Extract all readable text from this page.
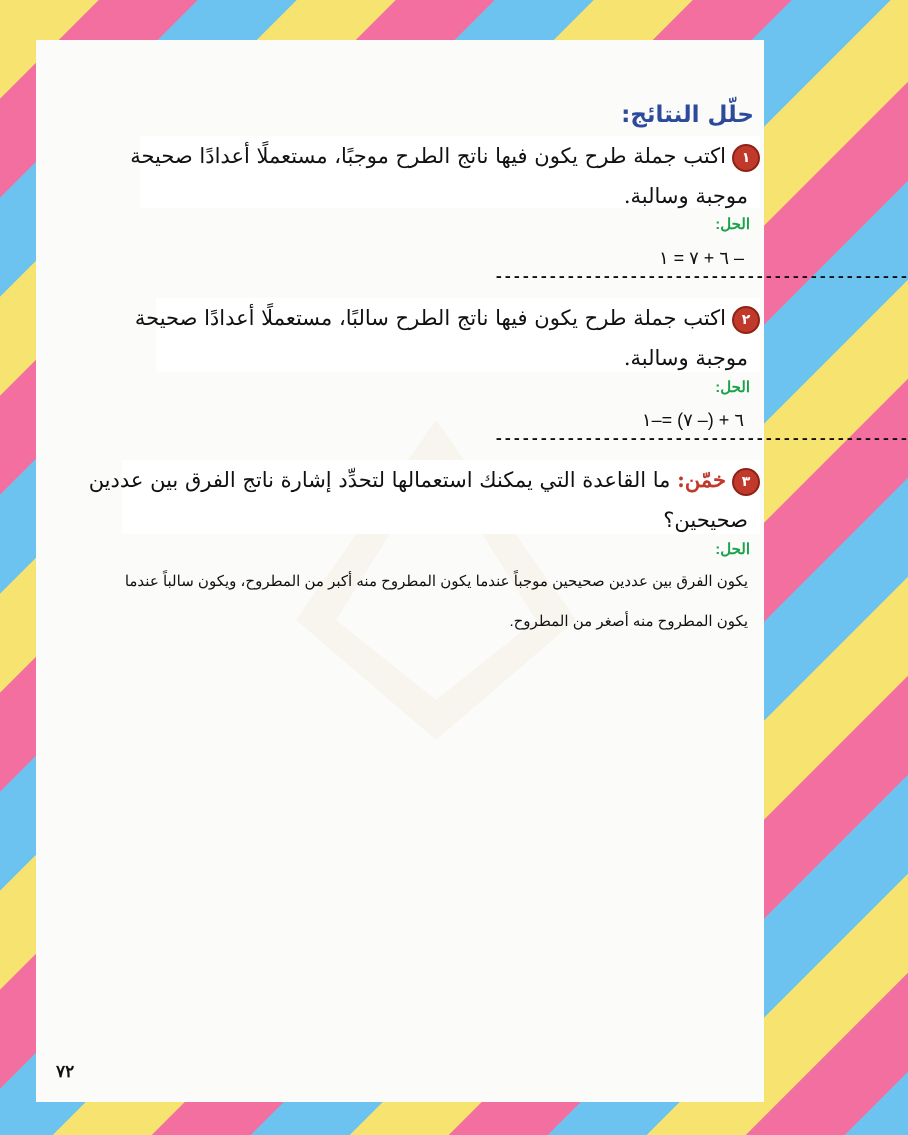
حلّل النتائج:
١اكتب جملة طرح يكون فيها ناتج الطرح موجبًا، مستعملًا أعدادًا صحيحة
موجبة وسالبة.
الحل:
– ٦ + ٧ = ١
----------------------------------------------
٢اكتب جملة طرح يكون فيها ناتج الطرح سالبًا، مستعملًا أعدادًا صحيحة
موجبة وسالبة.
الحل:
٦ + (– ٧) =–١
----------------------------------------------
٣خمّن: ما القاعدة التي يمكنك استعمالها لتحدِّد إشارة ناتج الفرق بين عددين
صحيحين؟
الحل:
يكون الفرق بين عددين صحيحين موجباً عندما يكون المطروح منه أكبر من المطروح، ويكون سالباً عندما
يكون المطروح منه أصغر من المطروح.
٧٢
